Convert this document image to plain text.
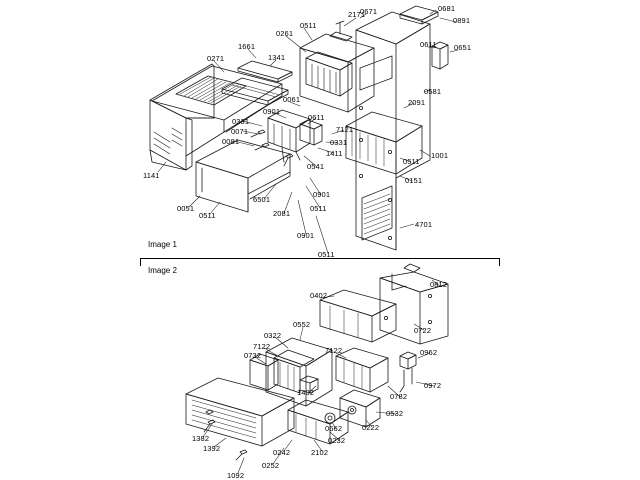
Image 1
Image 2
0671	0681
0891
2171
0511
0261
0611 0651
1661
0271	1341
0581
2091
0061
0901
0331	0611
7121
0331
1411
0071
0081
1001
0511
0151
0541
1141
0901
6501
2081
0511
4701
0051
0511
0901
0511
0812
0402
0722
0552
0322
7122
0962
0732
7122
0972
1402	0782
0532
0222
0662
1382	0232
1392	2102
0242
0252
1092
